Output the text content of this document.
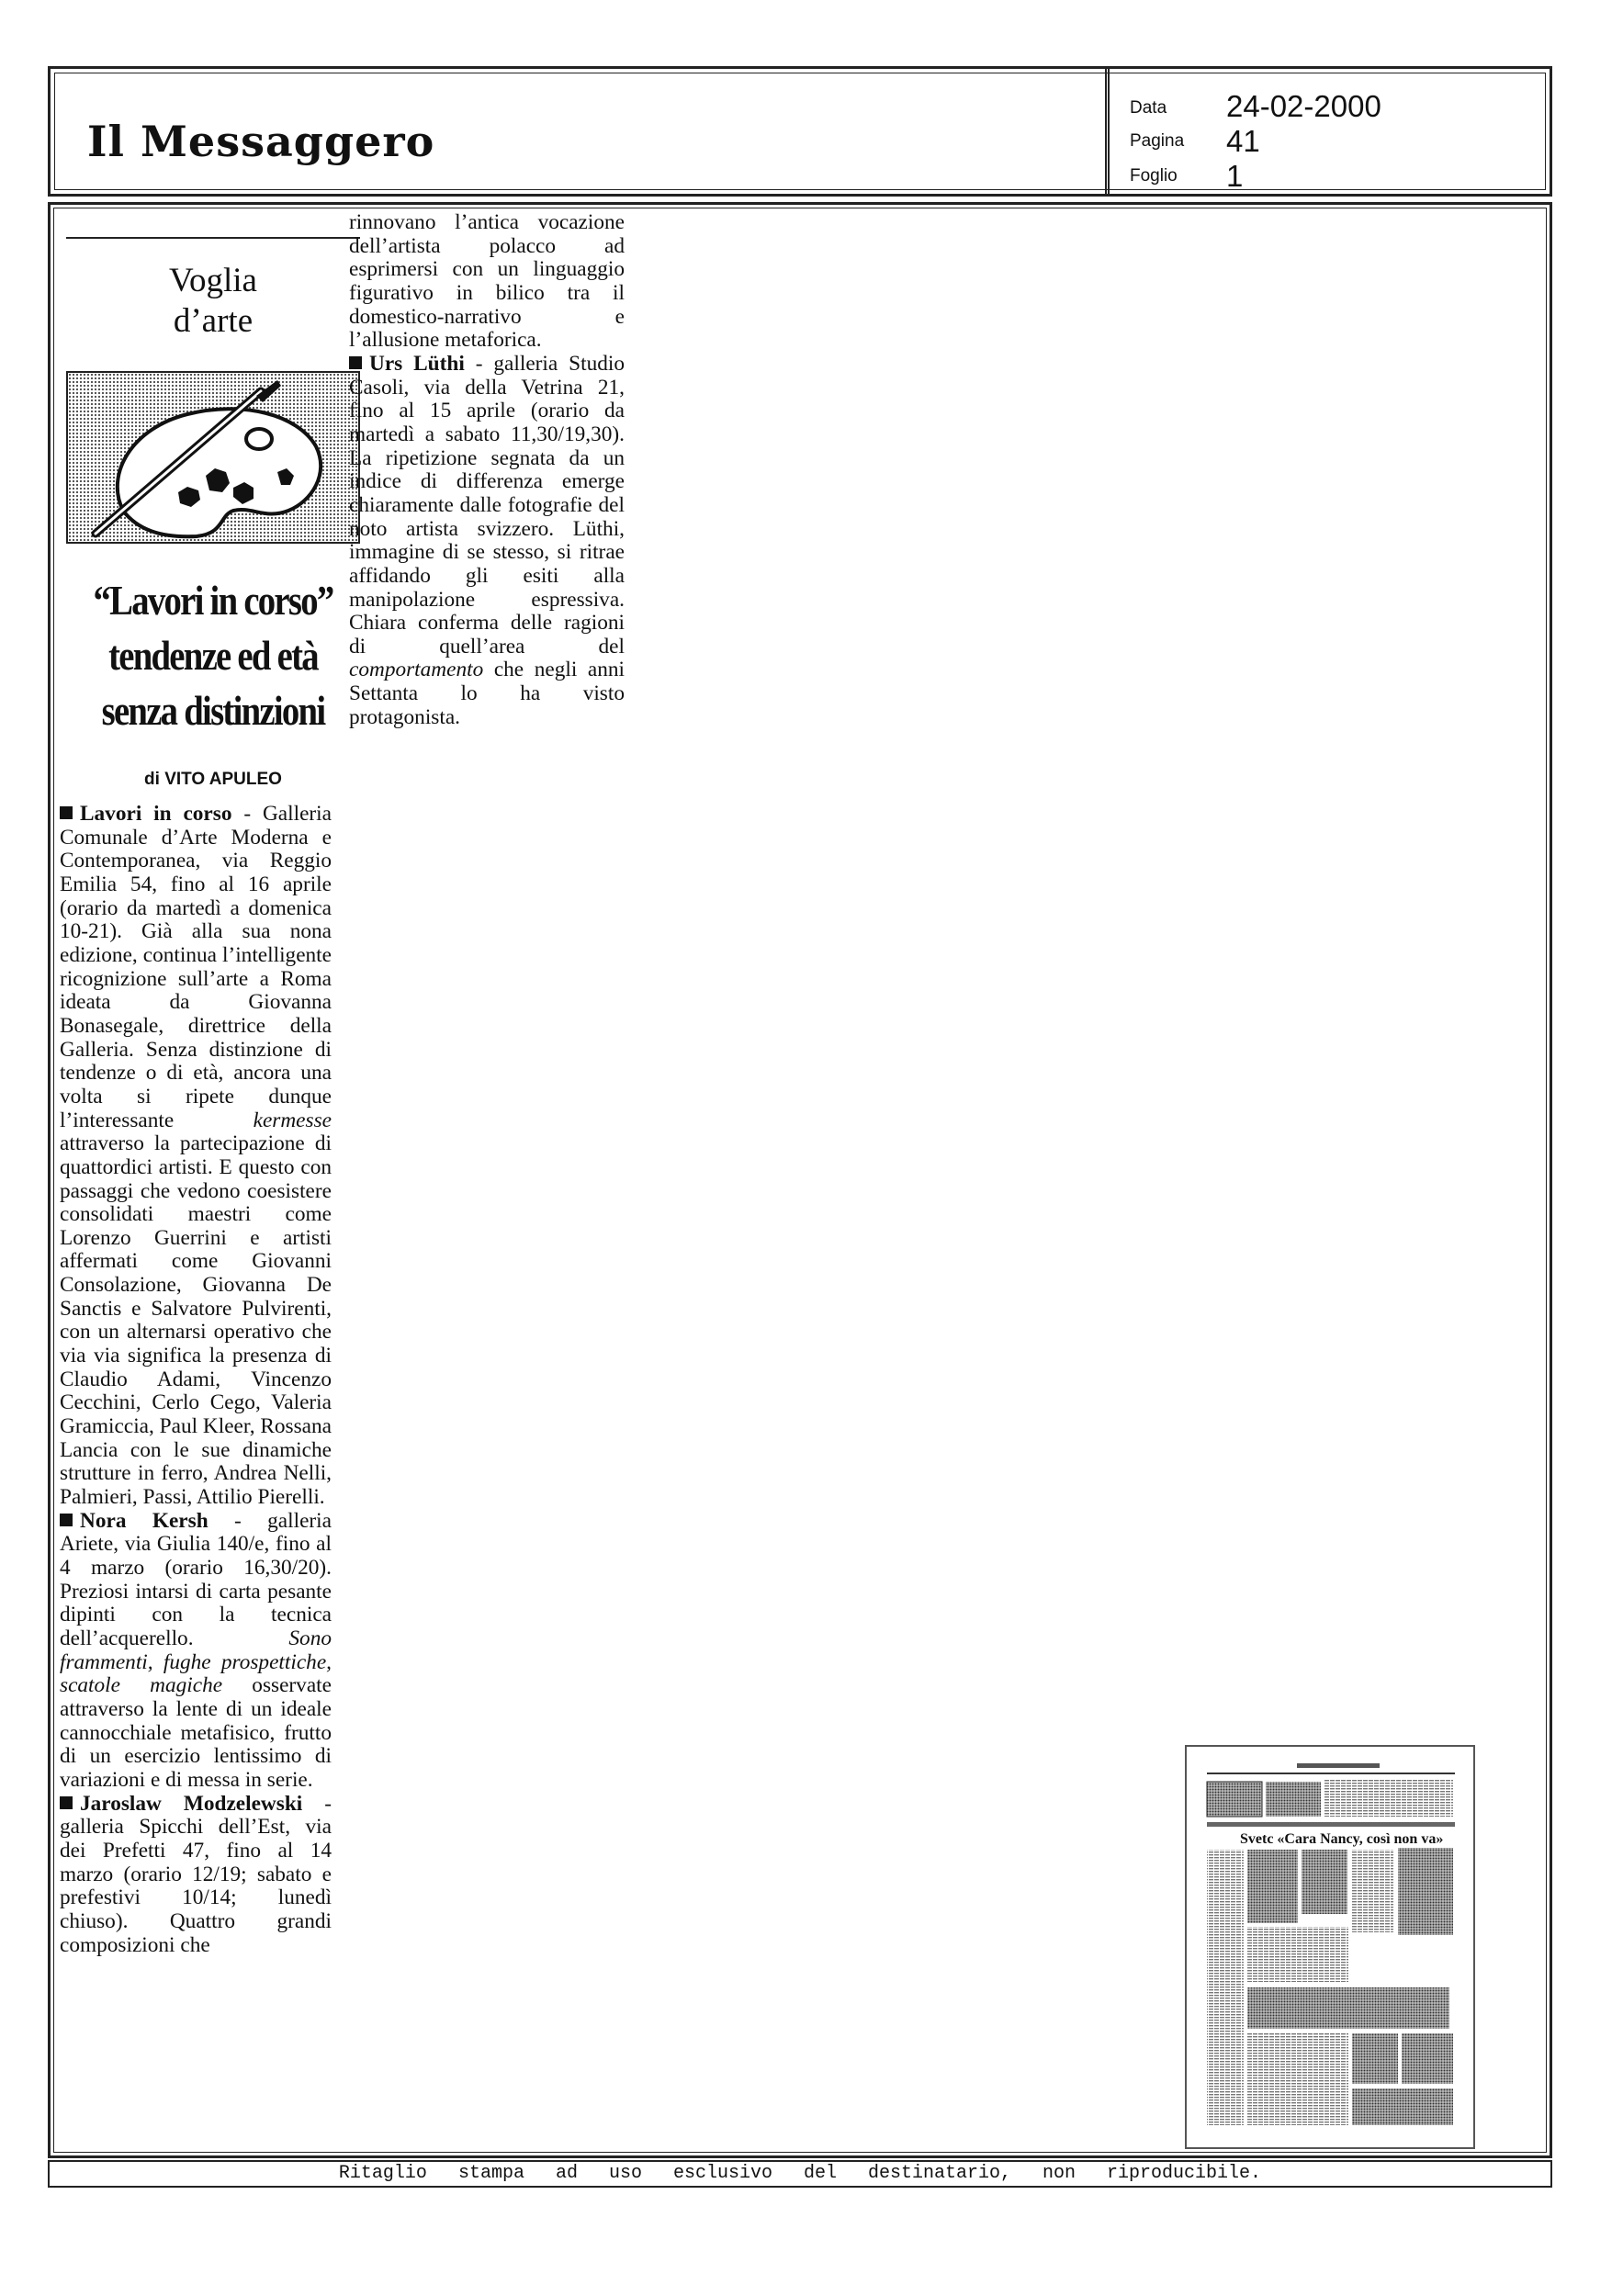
Il Messaggero
Data 24-02-2000
Pagina 41
Foglio 1
Voglia
d’arte
“Lavori in corso”
tendenze ed età
senza distinzioni
di VITO APULEO

Lavori in corso - Galleria Comunale d’Arte Moderna e Contemporanea, via Reggio Emilia 54, fino al 16 aprile (orario da martedì a domenica 10-21). Già alla sua nona edizione, continua l’intelligente ricognizione sull’arte a Roma ideata da Giovanna Bonasegale, direttrice della Galleria. Senza distinzione di tendenze o di età, ancora una volta si ripete dunque l’interessante kermesse attraverso la partecipazione di quattordici artisti. E questo con passaggi che vedono coesistere consolidati maestri come Lorenzo Guerrini e artisti affermati come Giovanni Consolazione, Giovanna De Sanctis e Salvatore Pulvirenti, con un alternarsi operativo che via via significa la presenza di Claudio Adami, Vincenzo Cecchini, Cerlo Cego, Valeria Gramiccia, Paul Kleer, Rossana Lancia con le sue dinamiche strutture in ferro, Andrea Nelli, Palmieri, Passi, Attilio Pierelli.

Nora Kersh - galleria Ariete, via Giulia 140/e, fino al 4 marzo (orario 16,30/20). Preziosi intarsi di carta pesante dipinti con la tecnica dell’acquerello. Sono frammenti, fughe prospettiche, scatole magiche osservate attraverso la lente di un ideale cannocchiale metafisico, frutto di un esercizio lentissimo di variazioni e di messa in serie.

Jaroslaw Modzelewski - galleria Spicchi dell’Est, via dei Prefetti 47, fino al 14 marzo (orario 12/19; sabato e prefestivi 10/14; lunedì chiuso). Quattro grandi composizioni che

rinnovano l’antica vocazione dell’artista polacco ad esprimersi con un linguaggio figurativo in bilico tra il domestico-narrativo e l’allusione metaforica.

Urs Lüthi - galleria Studio Casoli, via della Vetrina 21, fino al 15 aprile (orario da martedì a sabato 11,30/19,30). La ripetizione segnata da un indice di differenza emerge chiaramente dalle fotografie del noto artista svizzero. Lüthi, immagine di se stesso, si ritrae affidando gli esiti alla manipolazione espressiva. Chiara conferma delle ragioni di quell’area del comportamento che negli anni Settanta lo ha visto protagonista.

Svetc «Cara Nancy, così non va»
Ritaglio stampa ad uso esclusivo del destinatario, non riproducibile.
